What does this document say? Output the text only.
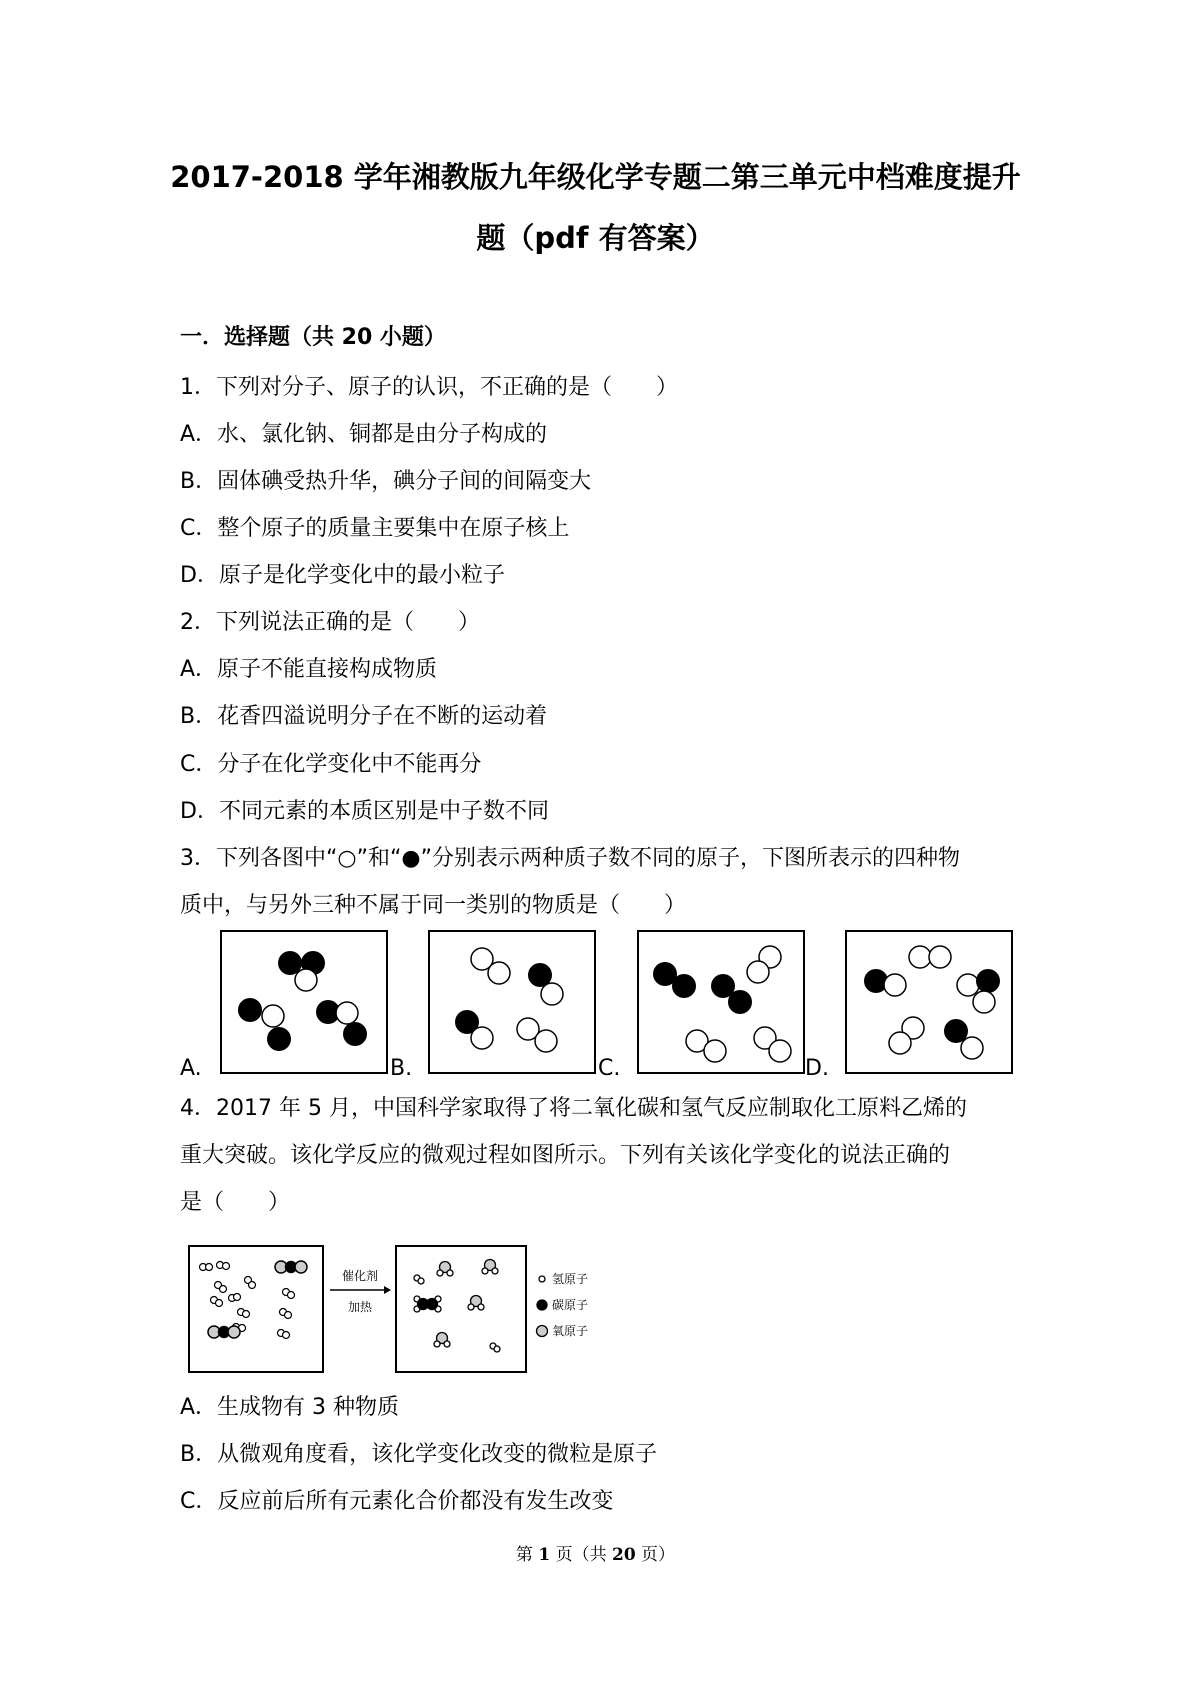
2017-2018 学年湘教版九年级化学专题二第三单元中档难度提升
题（pdf 有答案）
一．选择题（共 20 小题）
1．下列对分子、原子的认识，不正确的是（　　）
A．水、氯化钠、铜都是由分子构成的
B．固体碘受热升华，碘分子间的间隔变大
C．整个原子的质量主要集中在原子核上
D．原子是化学变化中的最小粒子
2．下列说法正确的是（　　）
A．原子不能直接构成物质
B．花香四溢说明分子在不断的运动着
C．分子在化学变化中不能再分
D．不同元素的本质区别是中子数不同
3．下列各图中“○”和“●”分别表示两种质子数不同的原子，下图所表示的四种物
质中，与另外三种不属于同一类别的物质是（　　）
A.	B.	C.	D.
4．2017 年 5 月，中国科学家取得了将二氧化碳和氢气反应制取化工原料乙烯的
重大突破。该化学反应的微观过程如图所示。下列有关该化学变化的说法正确的
是（　　）
催化剂
加热
氢原子
碳原子
氧原子
A．生成物有 3 种物质
B．从微观角度看，该化学变化改变的微粒是原子
C．反应前后所有元素化合价都没有发生改变
第 1 页（共 20 页）
